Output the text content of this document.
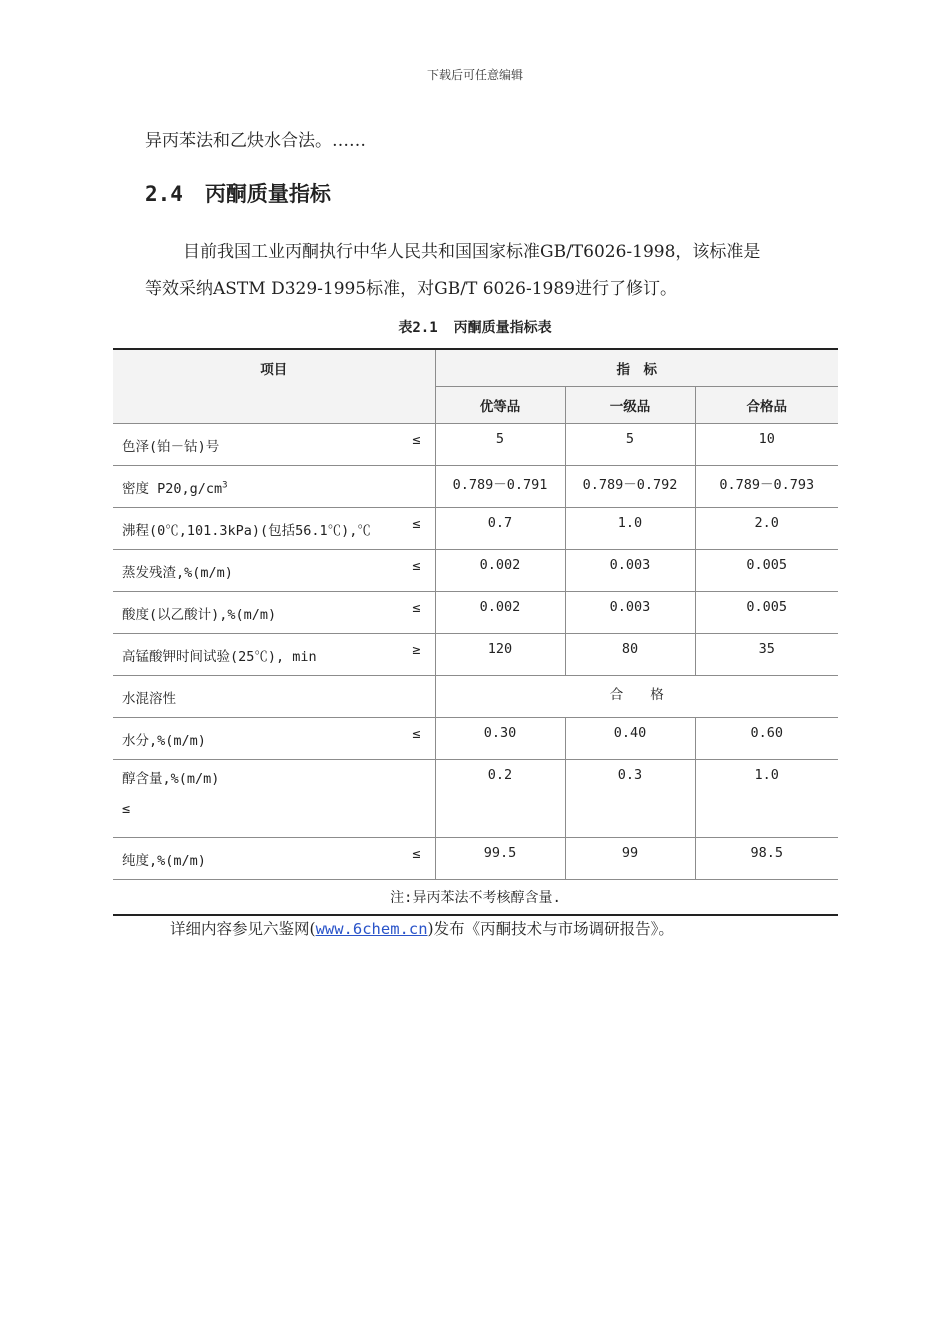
下载后可任意编辑
异丙苯法和乙炔水合法。……
2.4 丙酮质量指标
目前我国工业丙酮执行中华人民共和国国家标准GB/T6026-1998，该标准是
等效采纳ASTM D329-1995标准，对GB/T 6026-1989进行了修订。
表2.1 丙酮质量指标表
项目	指　标		
	优等品	一级品	合格品
色泽(铂－钴)号 ≤	5	5	10
密度 $P20,g/cm^3$	0.789－0.791	0.789－0.792	0.789－0.793
沸程(0℃,101.3kPa)(包括56.1℃),℃ ≤	0.7	1.0	2.0
蒸发残渣,%(m/m) ≤	0.002	0.003	0.005
酸度(以乙酸计),%(m/m) ≤	0.002	0.003	0.005
高锰酸钾时间试验(25℃), min ≥	120	80	35
水混溶性	合　　格		
水分,%(m/m) ≤	0.30	0.40	0.60
醇含量,%(m/m)
≤	0.2	0.3	1.0
纯度,%(m/m) ≤	99.5	99	98.5
注:异丙苯法不考核醇含量.			
详细内容参见六鉴网(www.6chem.cn)发布《丙酮技术与市场调研报告》。
